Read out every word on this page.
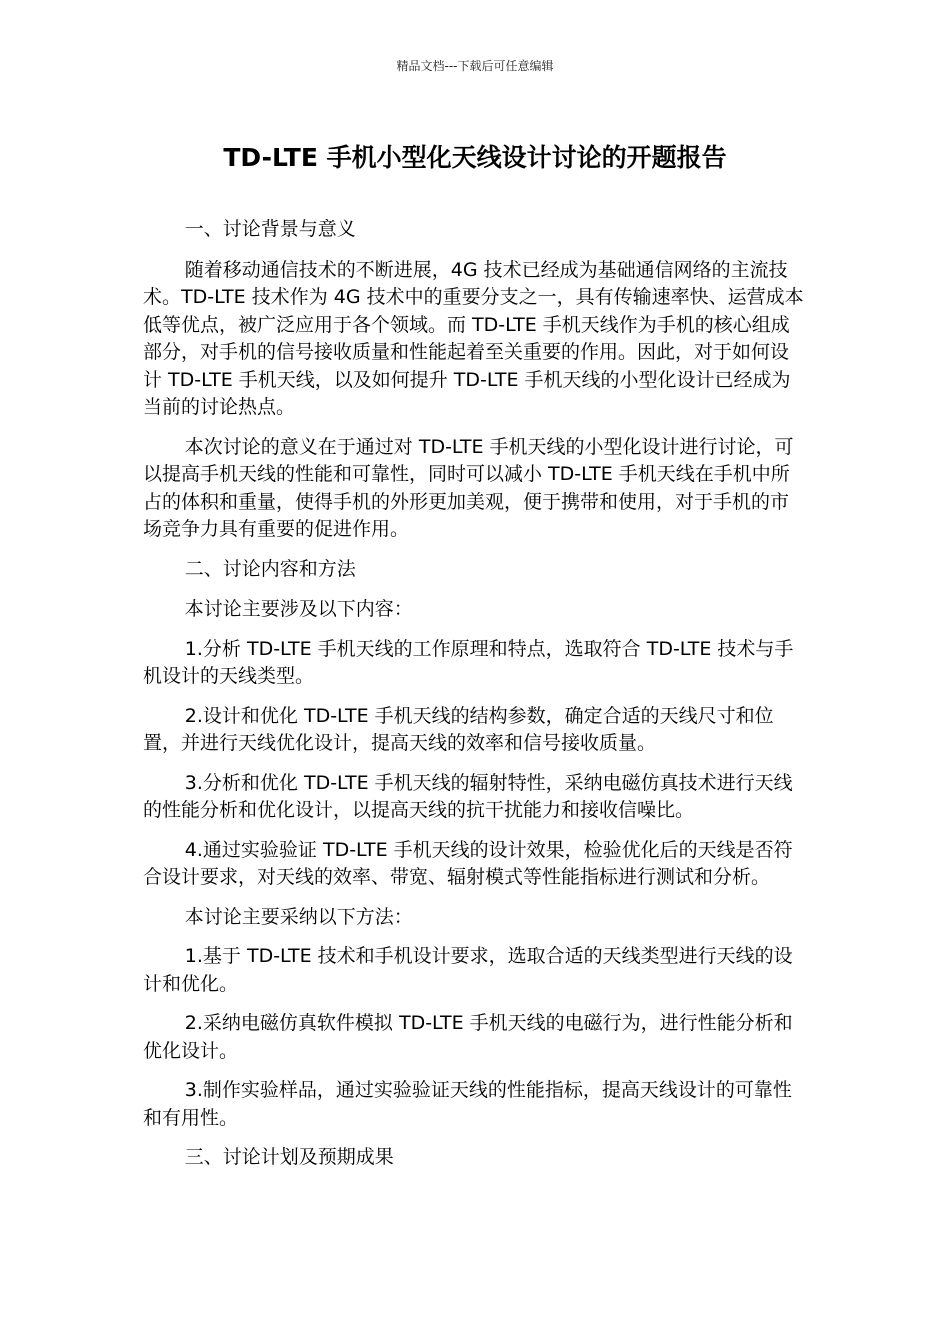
精品文档---下载后可任意编辑
TD-LTE 手机小型化天线设计讨论的开题报告

一、讨论背景与意义

随着移动通信技术的不断进展，4G 技术已经成为基础通信网络的主流技术。TD-LTE 技术作为 4G 技术中的重要分支之一，具有传输速率快、运营成本低等优点，被广泛应用于各个领域。而 TD-LTE 手机天线作为手机的核心组成部分，对手机的信号接收质量和性能起着至关重要的作用。因此，对于如何设计 TD-LTE 手机天线，以及如何提升 TD-LTE 手机天线的小型化设计已经成为当前的讨论热点。

本次讨论的意义在于通过对 TD-LTE 手机天线的小型化设计进行讨论，可以提高手机天线的性能和可靠性，同时可以减小 TD-LTE 手机天线在手机中所占的体积和重量，使得手机的外形更加美观，便于携带和使用，对于手机的市场竞争力具有重要的促进作用。

二、讨论内容和方法

本讨论主要涉及以下内容：

1.分析 TD-LTE 手机天线的工作原理和特点，选取符合 TD-LTE 技术与手机设计的天线类型。

2.设计和优化 TD-LTE 手机天线的结构参数，确定合适的天线尺寸和位置，并进行天线优化设计，提高天线的效率和信号接收质量。

3.分析和优化 TD-LTE 手机天线的辐射特性，采纳电磁仿真技术进行天线的性能分析和优化设计，以提高天线的抗干扰能力和接收信噪比。

4.通过实验验证 TD-LTE 手机天线的设计效果，检验优化后的天线是否符合设计要求，对天线的效率、带宽、辐射模式等性能指标进行测试和分析。

本讨论主要采纳以下方法：

1.基于 TD-LTE 技术和手机设计要求，选取合适的天线类型进行天线的设计和优化。

2.采纳电磁仿真软件模拟 TD-LTE 手机天线的电磁行为，进行性能分析和优化设计。

3.制作实验样品，通过实验验证天线的性能指标，提高天线设计的可靠性和有用性。

三、讨论计划及预期成果
